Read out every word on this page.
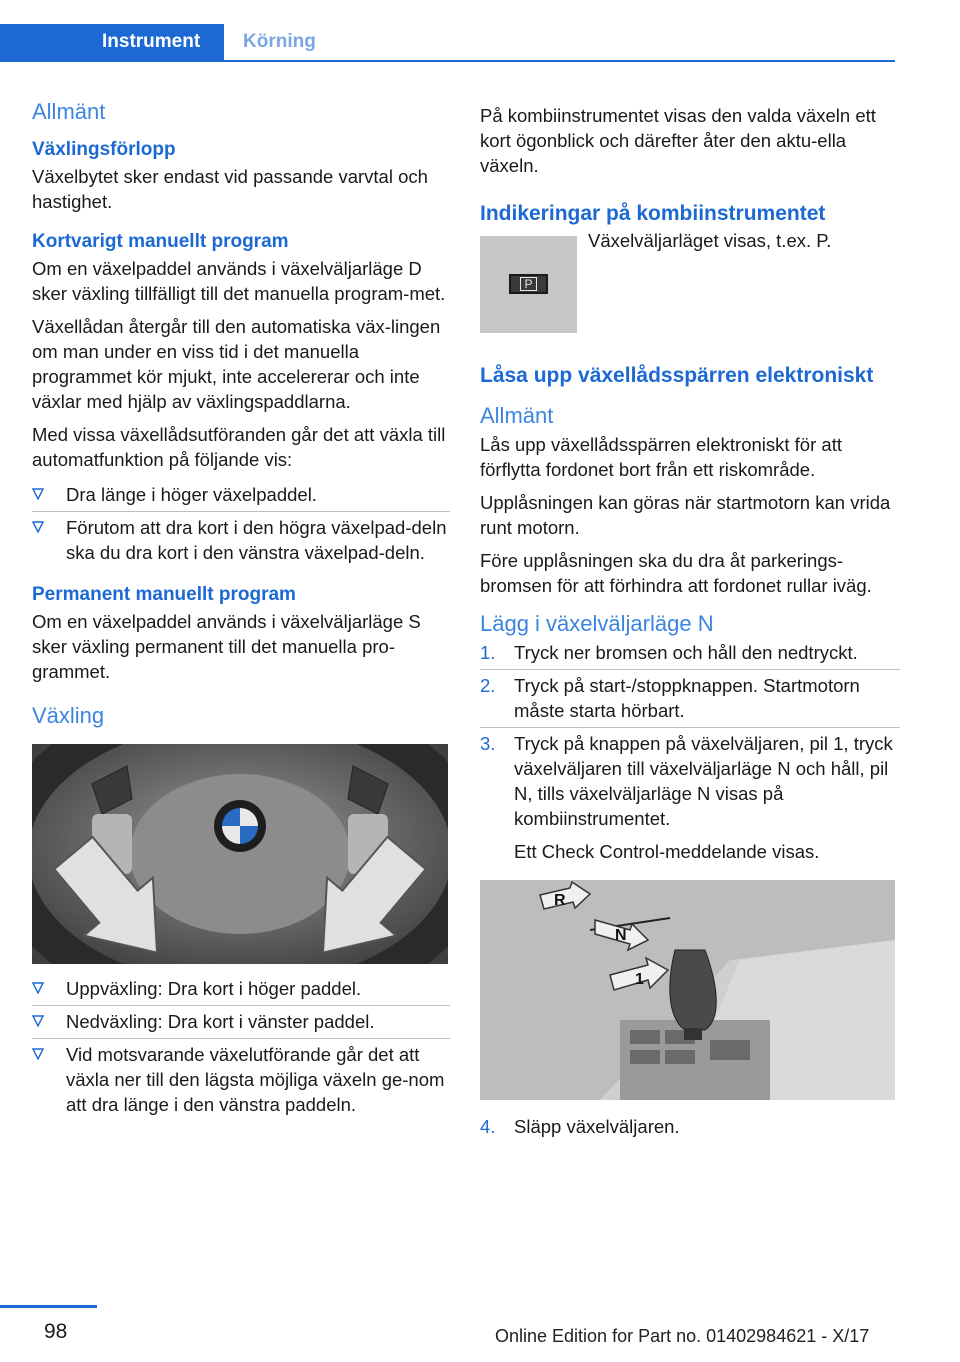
Instrument	Körning
Allmänt
Växlingsförlopp

Växelbytet sker endast vid passande varvtal och hastighet.

Kortvarigt manuellt program

Om en växelpaddel används i växelväljarläge D sker växling tillfälligt till det manuella program-met.

Växellådan återgår till den automatiska väx-lingen om man under en viss tid i det manuella programmet kör mjukt, inte accelererar och inte växlar med hjälp av växlingspaddlarna.

Med vissa växellådsutföranden går det att växla till automatfunktion på följande vis:

Dra länge i höger växelpaddel.
Förutom att dra kort i den högra växelpad-deln ska du dra kort i den vänstra växelpad-deln.
Permanent manuellt program

Om en växelpaddel används i växelväljarläge S sker växling permanent till det manuella pro-grammet.

Växling
Uppväxling: Dra kort i höger paddel.
Nedväxling: Dra kort i vänster paddel.
Vid motsvarande växelutförande går det att växla ner till den lägsta möjliga växeln ge-nom att dra länge i den vänstra paddeln.

På kombiinstrumentet visas den valda växeln ett kort ögonblick och därefter åter den aktu-ella växeln.

Indikeringar på kombiinstrumentet
P

Växelväljarläget visas, t.ex. P.

Låsa upp växellådsspärren elektroniskt
Allmänt

Lås upp växellådsspärren elektroniskt för att förflytta fordonet bort från ett riskområde.

Upplåsningen kan göras när startmotorn kan vrida runt motorn.

Före upplåsningen ska du dra åt parkerings-bromsen för att förhindra att fordonet rullar iväg.

Lägg i växelväljarläge N
1. Tryck ner bromsen och håll den nedtryckt.
2. Tryck på start-/stoppknappen. Startmotorn måste starta hörbart.
3. Tryck på knappen på växelväljaren, pil 1, tryck växelväljaren till växelväljarläge N och håll, pil N, tills växelväljarläge N visas på kombiinstrumentet.
Ett Check Control-meddelande visas.
R
N
1
4. Släpp växelväljaren.
98	Online Edition for Part no. 01402984621 - X/17
